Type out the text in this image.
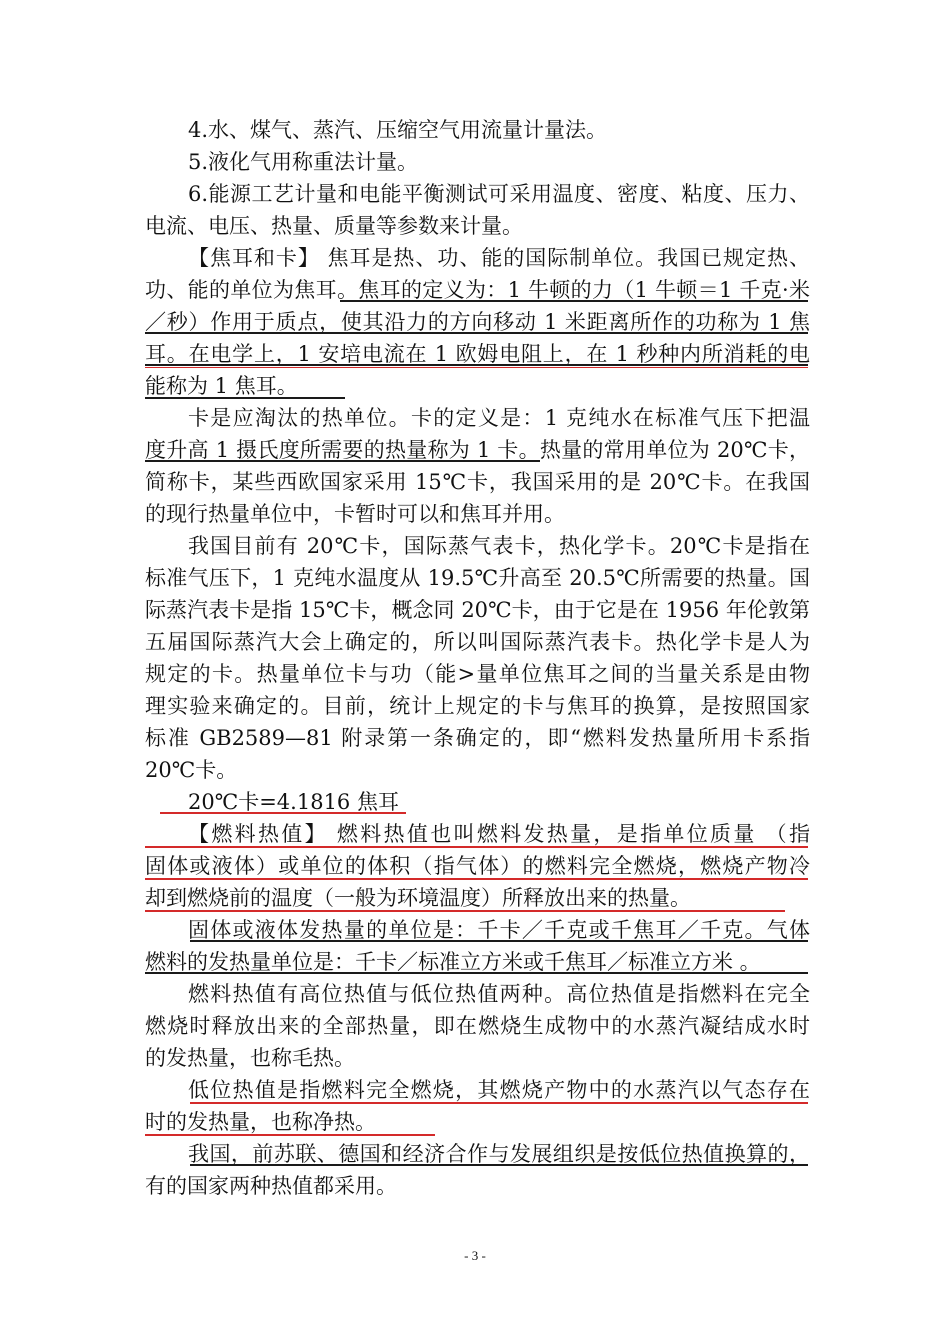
4.水、煤气、蒸汽、压缩空气用流量计量法。
5.液化气用称重法计量。
6.能源工艺计量和电能平衡测试可采用温度、密度、粘度、压力、
电流、电压、热量、质量等参数来计量。
【焦耳和卡】 焦耳是热、功、能的国际制单位。我国已规定热、
功、能的单位为焦耳。焦耳的定义为：1 牛顿的力（1 牛顿＝1 千克·米
／秒）作用于质点，使其沿力的方向移动 1 米距离所作的功称为 1 焦
耳。在电学上，1 安培电流在 1 欧姆电阻上，在 1 秒种内所消耗的电
能称为 1 焦耳。
卡是应淘汰的热单位。卡的定义是：1 克纯水在标准气压下把温
度升高 1 摄氏度所需要的热量称为 1 卡。热量的常用单位为 20℃卡，
简称卡，某些西欧国家采用 15℃卡，我国采用的是 20℃卡。在我国
的现行热量单位中，卡暂时可以和焦耳并用。
我国目前有 20℃卡，国际蒸气表卡，热化学卡。20℃卡是指在
标准气压下，1 克纯水温度从 19.5℃升高至 20.5℃所需要的热量。国
际蒸汽表卡是指 15℃卡，概念同 20℃卡，由于它是在 1956 年伦敦第
五届国际蒸汽大会上确定的，所以叫国际蒸汽表卡。热化学卡是人为
规定的卡。热量单位卡与功（能>量单位焦耳之间的当量关系是由物
理实验来确定的。目前，统计上规定的卡与焦耳的换算，是按照国家
标准 GB2589—81 附录第一条确定的，即“燃料发热量所用卡系指
20℃卡。
20℃卡=4.1816 焦耳
【燃料热值】 燃料热值也叫燃料发热量，是指单位质量 （指
固体或液体）或单位的体积（指气体）的燃料完全燃烧，燃烧产物冷
却到燃烧前的温度（一般为环境温度）所释放出来的热量。
固体或液体发热量的单位是：千卡／千克或千焦耳／千克。气体
燃料的发热量单位是：千卡／标准立方米或千焦耳／标准立方米 。
燃料热值有高位热值与低位热值两种。高位热值是指燃料在完全
燃烧时释放出来的全部热量，即在燃烧生成物中的水蒸汽凝结成水时
的发热量，也称毛热。
低位热值是指燃料完全燃烧，其燃烧产物中的水蒸汽以气态存在
时的发热量，也称净热。
我国，前苏联、德国和经济合作与发展组织是按低位热值换算的，
有的国家两种热值都采用。
- 3 -
